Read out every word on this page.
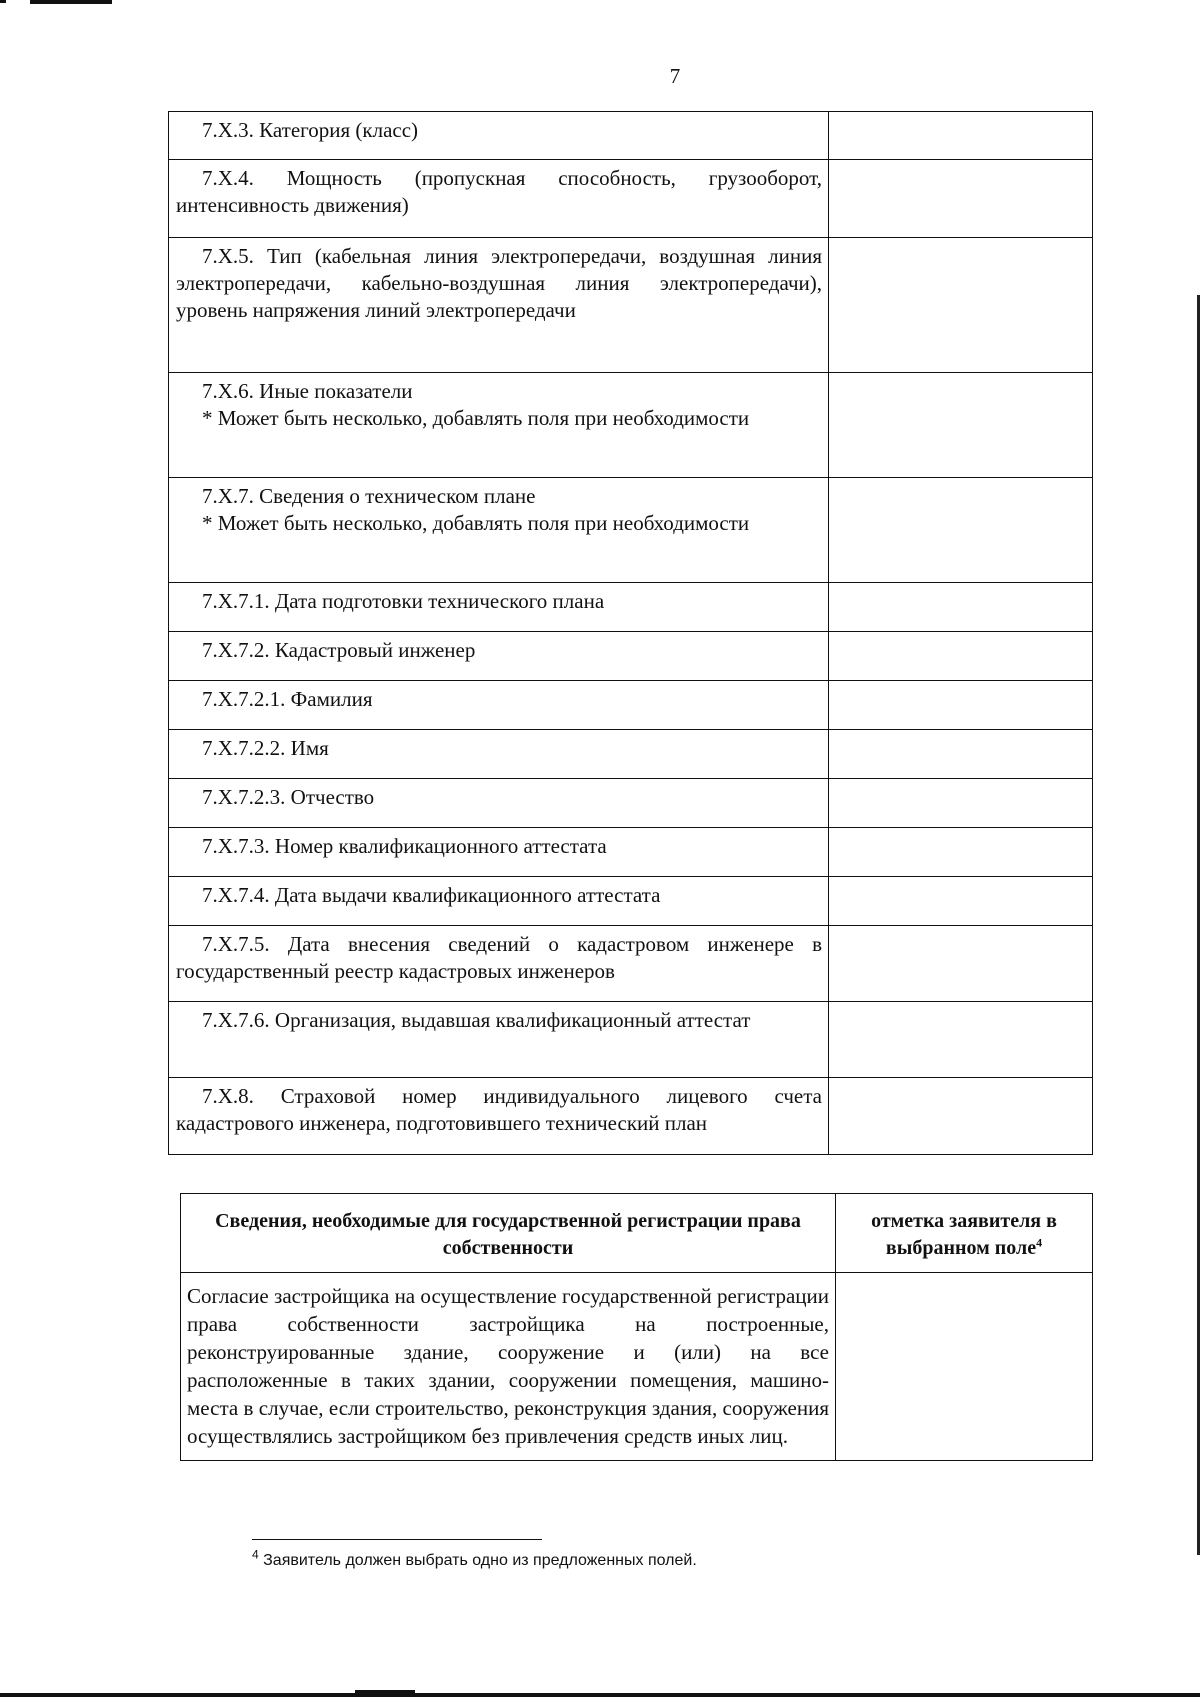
7
7.X.3. Категория (класс)	
7.X.4. Мощность (пропускная способность, грузооборот, интенсивность движения)	
7.X.5. Тип (кабельная линия электропередачи, воздушная линия электропередачи, кабельно-воздушная линия электропередачи), уровень напряжения линий электропередачи	
7.X.6. Иные показатели
* Может быть несколько, добавлять поля при необходимости	
7.X.7. Сведения о техническом плане
* Может быть несколько, добавлять поля при необходимости	
7.X.7.1. Дата подготовки технического плана	
7.X.7.2. Кадастровый инженер	
7.X.7.2.1. Фамилия	
7.X.7.2.2. Имя	
7.X.7.2.3. Отчество	
7.X.7.3. Номер квалификационного аттестата	
7.X.7.4. Дата выдачи квалификационного аттестата	
7.X.7.5. Дата внесения сведений о кадастровом инженере в государственный реестр кадастровых инженеров	
7.X.7.6. Организация, выдавшая квалификационный аттестат	
7.X.8. Страховой номер индивидуального лицевого счета кадастрового инженера, подготовившего технический план	
Сведения, необходимые для государственной регистрации права собственности	отметка заявителя в выбранном поле$^4$
Согласие застройщика на осуществление государственной регистрации права собственности застройщика на построенные, реконструированные здание, сооружение и (или) на все расположенные в таких здании, сооружении помещения, машино-места в случае, если строительство, реконструкция здания, сооружения осуществлялись застройщиком без привлечения средств иных лиц.	
$^4$ Заявитель должен выбрать одно из предложенных полей.
